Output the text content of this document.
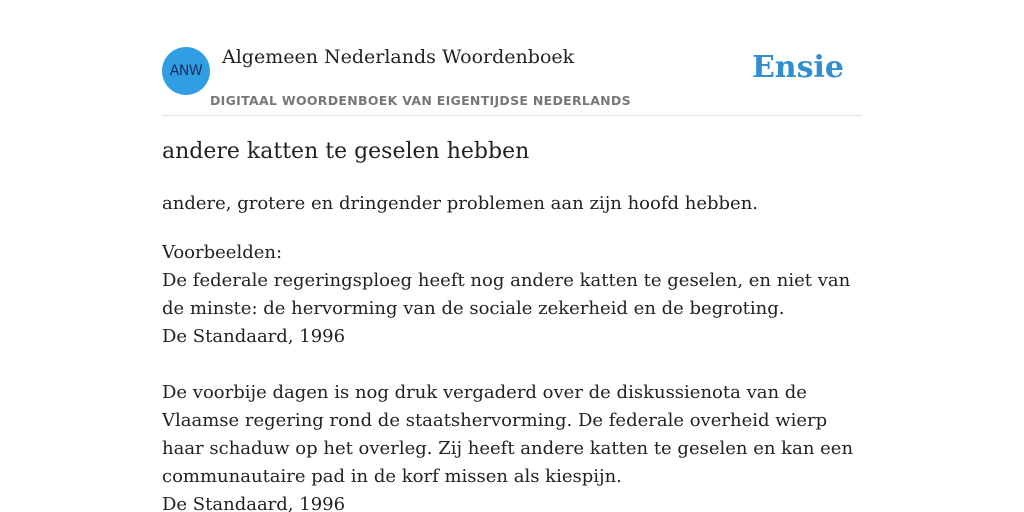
ANW
Algemeen Nederlands Woordenboek
DIGITAAL WOORDENBOEK VAN EIGENTIJDSE NEDERLANDS
Ensie
andere katten te geselen hebben

andere, grotere en dringender problemen aan zijn hoofd hebben.

Voorbeelden:
De federale regeringsploeg heeft nog andere katten te geselen, en niet van de minste: de hervorming van de sociale zekerheid en de begroting.
De Standaard, 1996
De voorbije dagen is nog druk vergaderd over de diskussienota van de Vlaamse regering rond de staatshervorming. De federale overheid wierp haar schaduw op het overleg. Zij heeft andere katten te geselen en kan een communautaire pad in de korf missen als kiespijn.
De Standaard, 1996
